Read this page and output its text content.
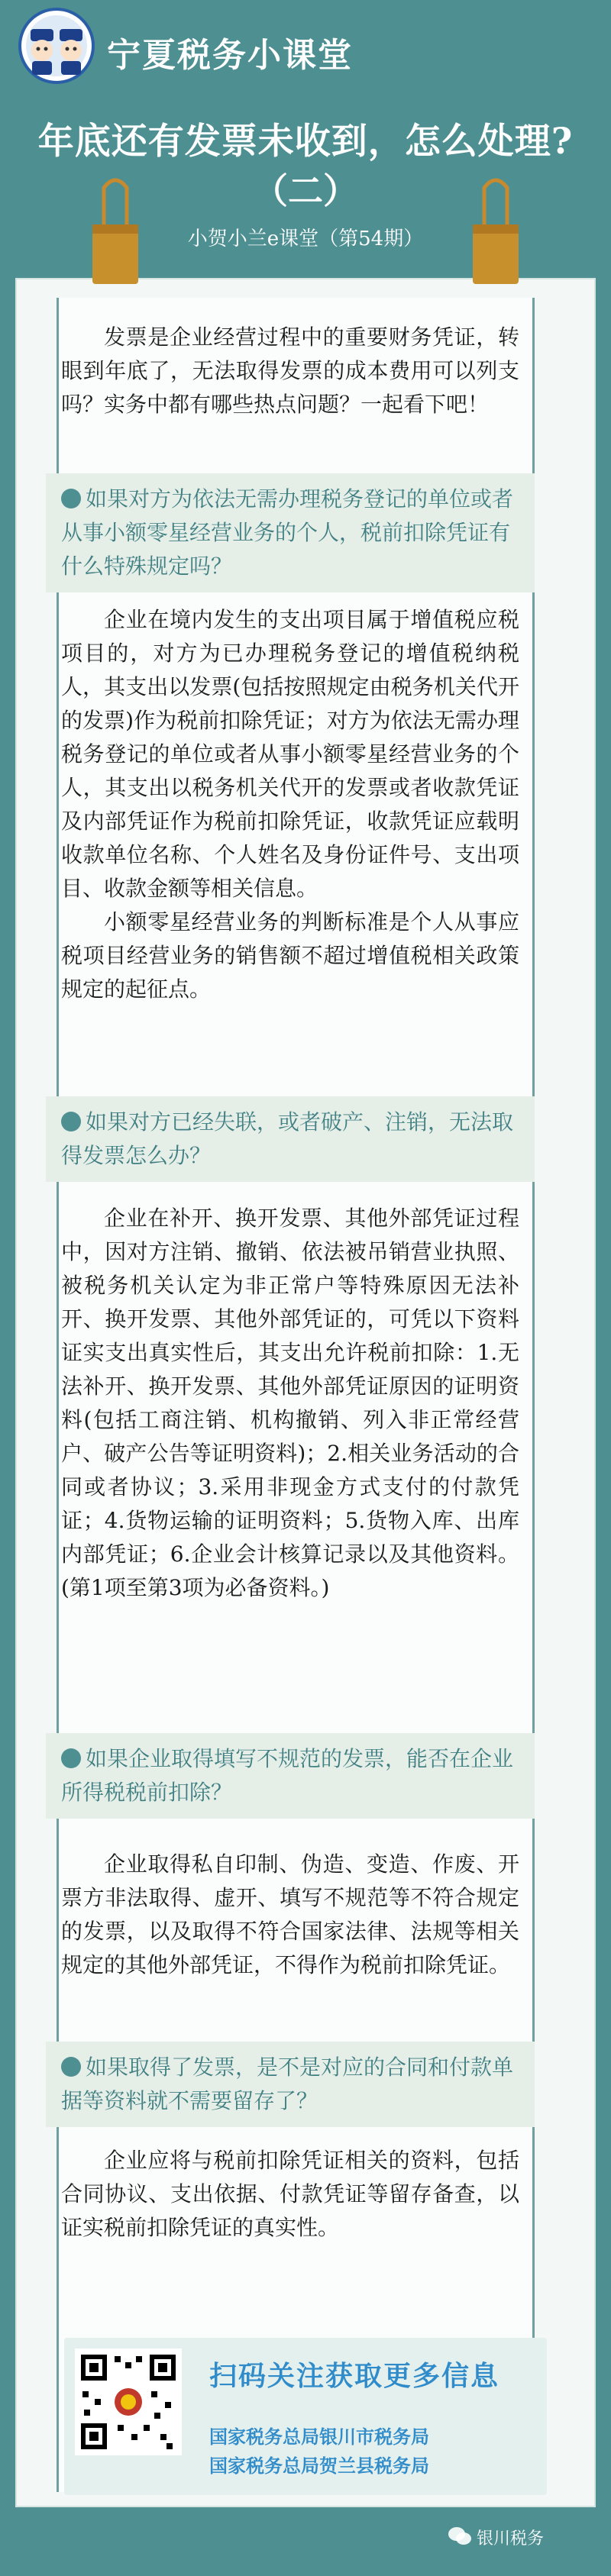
宁夏税务小课堂
年底还有发票未收到，怎么处理?
（二）
小贺小兰e课堂（第54期）

发票是企业经营过程中的重要财务凭证，转眼到年底了，无法取得发票的成本费用可以列支吗？实务中都有哪些热点问题？一起看下吧！

如果对方为依法无需办理税务登记的单位或者从事小额零星经营业务的个人，税前扣除凭证有什么特殊规定吗？

企业在境内发生的支出项目属于增值税应税项目的，对方为已办理税务登记的增值税纳税人，其支出以发票(包括按照规定由税务机关代开的发票)作为税前扣除凭证；对方为依法无需办理税务登记的单位或者从事小额零星经营业务的个人，其支出以税务机关代开的发票或者收款凭证及内部凭证作为税前扣除凭证，收款凭证应载明收款单位名称、个人姓名及身份证件号、支出项目、收款金额等相关信息。

小额零星经营业务的判断标准是个人从事应税项目经营业务的销售额不超过增值税相关政策规定的起征点。

如果对方已经失联，或者破产、注销，无法取得发票怎么办？

企业在补开、换开发票、其他外部凭证过程中，因对方注销、撤销、依法被吊销营业执照、被税务机关认定为非正常户等特殊原因无法补开、换开发票、其他外部凭证的，可凭以下资料证实支出真实性后，其支出允许税前扣除：1.无法补开、换开发票、其他外部凭证原因的证明资料(包括工商注销、机构撤销、列入非正常经营户、破产公告等证明资料)；2.相关业务活动的合同或者协议；3.采用非现金方式支付的付款凭证；4.货物运输的证明资料；5.货物入库、出库内部凭证；6.企业会计核算记录以及其他资料。(第1项至第3项为必备资料。)

如果企业取得填写不规范的发票，能否在企业所得税税前扣除？

企业取得私自印制、伪造、变造、作废、开票方非法取得、虚开、填写不规范等不符合规定的发票，以及取得不符合国家法律、法规等相关规定的其他外部凭证，不得作为税前扣除凭证。

如果取得了发票，是不是对应的合同和付款单据等资料就不需要留存了？

企业应将与税前扣除凭证相关的资料，包括合同协议、支出依据、付款凭证等留存备查，以证实税前扣除凭证的真实性。

扫码关注获取更多信息
国家税务总局银川市税务局
国家税务总局贺兰县税务局
银川税务
